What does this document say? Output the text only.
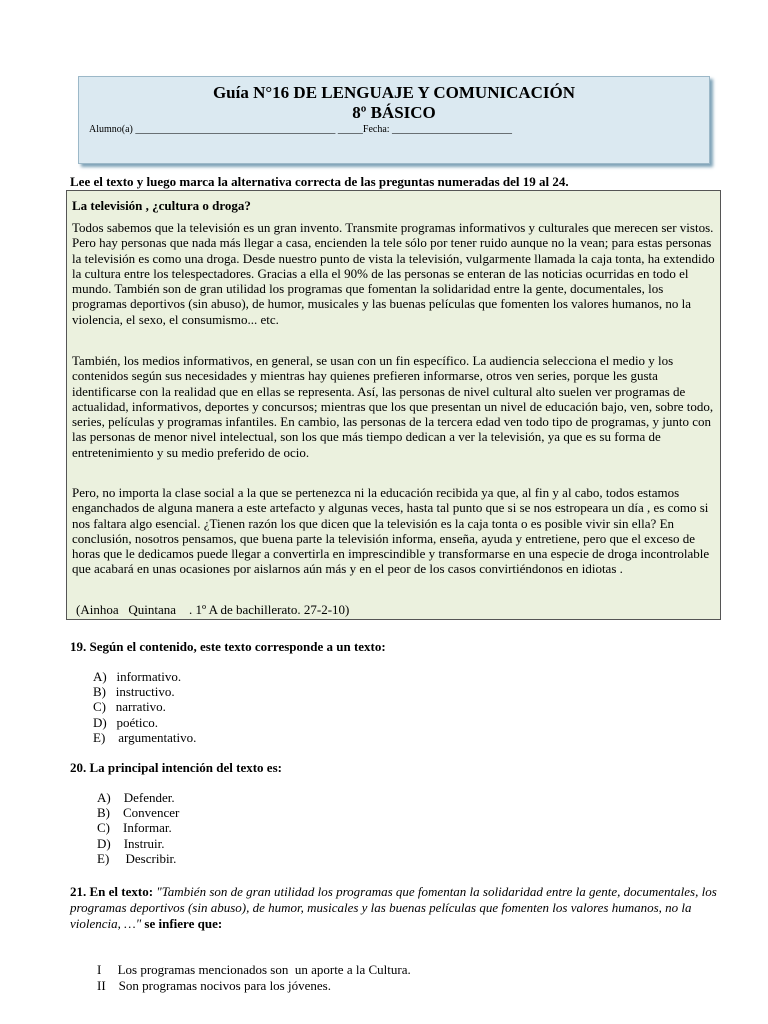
Guía N°16 DE LENGUAJE Y COMUNICACIÓN
8º BÁSICO
Alumno(a) ________________________________________ _____Fecha: ________________________
Lee el texto y luego marca la alternativa correcta de las preguntas numeradas del 19 al 24.
La televisión , ¿cultura o droga?

Todos sabemos que la televisión es un gran invento. Transmite programas informativos y culturales que merecen ser vistos. Pero hay personas que nada más llegar a casa, encienden la tele sólo por tener ruido aunque no la vean; para estas personas la televisión es como una droga. Desde nuestro punto de vista la televisión, vulgarmente llamada la caja tonta, ha extendido la cultura entre los telespectadores. Gracias a ella el 90% de las personas se enteran de las noticias ocurridas en todo el mundo. También son de gran utilidad los programas que fomentan la solidaridad entre la gente, documentales, los programas deportivos (sin abuso), de humor, musicales y las buenas películas que fomenten los valores humanos, no la violencia, el sexo, el consumismo... etc.

También, los medios informativos, en general, se usan con un fin específico. La audiencia selecciona el medio y los contenidos según sus necesidades y mientras hay quienes prefieren informarse, otros ven series, porque les gusta identificarse con la realidad que en ellas se representa. Así, las personas de nivel cultural alto suelen ver programas de actualidad, informativos, deportes y concursos; mientras que los que presentan un nivel de educación bajo, ven, sobre todo, series, películas y programas infantiles. En cambio, las personas de la tercera edad ven todo tipo de programas, y junto con las personas de menor nivel intelectual, son los que más tiempo dedican a ver la televisión, ya que es su forma de entretenimiento y su medio preferido de ocio.

Pero, no importa la clase social a la que se pertenezca ni la educación recibida ya que, al fin y al cabo, todos estamos enganchados de alguna manera a este artefacto y algunas veces, hasta tal punto que si se nos estropeara un día , es como si nos faltara algo esencial. ¿Tienen razón los que dicen que la televisión es la caja tonta o es posible vivir sin ella? En conclusión, nosotros pensamos, que buena parte la televisión informa, enseña, ayuda y entretiene, pero que el exceso de horas que le dedicamos puede llegar a convertirla en imprescindible y transformarse en una especie de droga incontrolable que acabará en unas ocasiones por aislarnos aún más y en el peor de los casos convirtiéndonos en idiotas .

(Ainhoa   Quintana    . 1º A de bachillerato. 27-2-10)
19. Según el contenido, este texto corresponde a un texto:
A)   informativo.
B)   instructivo.
C)   narrativo.
D)   poético.
E)    argumentativo.
20. La principal intención del texto es:
A)    Defender.
B)    Convencer
C)    Informar.
D)    Instruir.
E)     Describir.
21. En el texto: "También son de gran utilidad los programas que fomentan la solidaridad entre la gente, documentales, los programas deportivos (sin abuso), de humor, musicales y las buenas películas que fomenten los valores humanos, no la violencia, …" se infiere que:
I     Los programas mencionados son  un aporte a la Cultura.
II    Son programas nocivos para los jóvenes.
